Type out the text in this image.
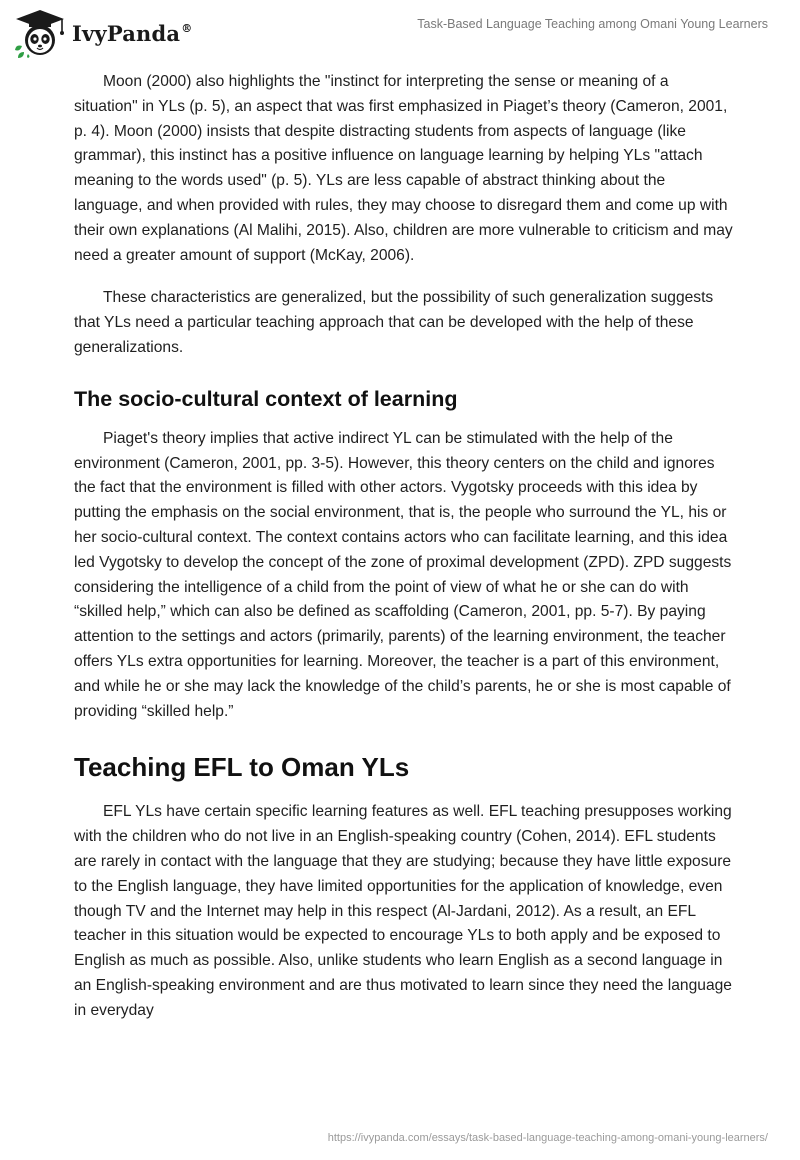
IvyPanda®	Task-Based Language Teaching among Omani Young Learners

Moon (2000) also highlights the "instinct for interpreting the sense or meaning of a situation" in YLs (p. 5), an aspect that was first emphasized in Piaget’s theory (Cameron, 2001, p. 4). Moon (2000) insists that despite distracting students from aspects of language (like grammar), this instinct has a positive influence on language learning by helping YLs "attach meaning to the words used" (p. 5). YLs are less capable of abstract thinking about the language, and when provided with rules, they may choose to disregard them and come up with their own explanations (Al Malihi, 2015). Also, children are more vulnerable to criticism and may need a greater amount of support (McKay, 2006).

These characteristics are generalized, but the possibility of such generalization suggests that YLs need a particular teaching approach that can be developed with the help of these generalizations.

The socio-cultural context of learning

Piaget's theory implies that active indirect YL can be stimulated with the help of the environment (Cameron, 2001, pp. 3-5). However, this theory centers on the child and ignores the fact that the environment is filled with other actors. Vygotsky proceeds with this idea by putting the emphasis on the social environment, that is, the people who surround the YL, his or her socio-cultural context. The context contains actors who can facilitate learning, and this idea led Vygotsky to develop the concept of the zone of proximal development (ZPD). ZPD suggests considering the intelligence of a child from the point of view of what he or she can do with “skilled help,” which can also be defined as scaffolding (Cameron, 2001, pp. 5-7). By paying attention to the settings and actors (primarily, parents) of the learning environment, the teacher offers YLs extra opportunities for learning. Moreover, the teacher is a part of this environment, and while he or she may lack the knowledge of the child’s parents, he or she is most capable of providing “skilled help.”

Teaching EFL to Oman YLs

EFL YLs have certain specific learning features as well. EFL teaching presupposes working with the children who do not live in an English-speaking country (Cohen, 2014). EFL students are rarely in contact with the language that they are studying; because they have little exposure to the English language, they have limited opportunities for the application of knowledge, even though TV and the Internet may help in this respect (Al-Jardani, 2012). As a result, an EFL teacher in this situation would be expected to encourage YLs to both apply and be exposed to English as much as possible. Also, unlike students who learn English as a second language in an English-speaking environment and are thus motivated to learn since they need the language in everyday

https://ivypanda.com/essays/task-based-language-teaching-among-omani-young-learners/
